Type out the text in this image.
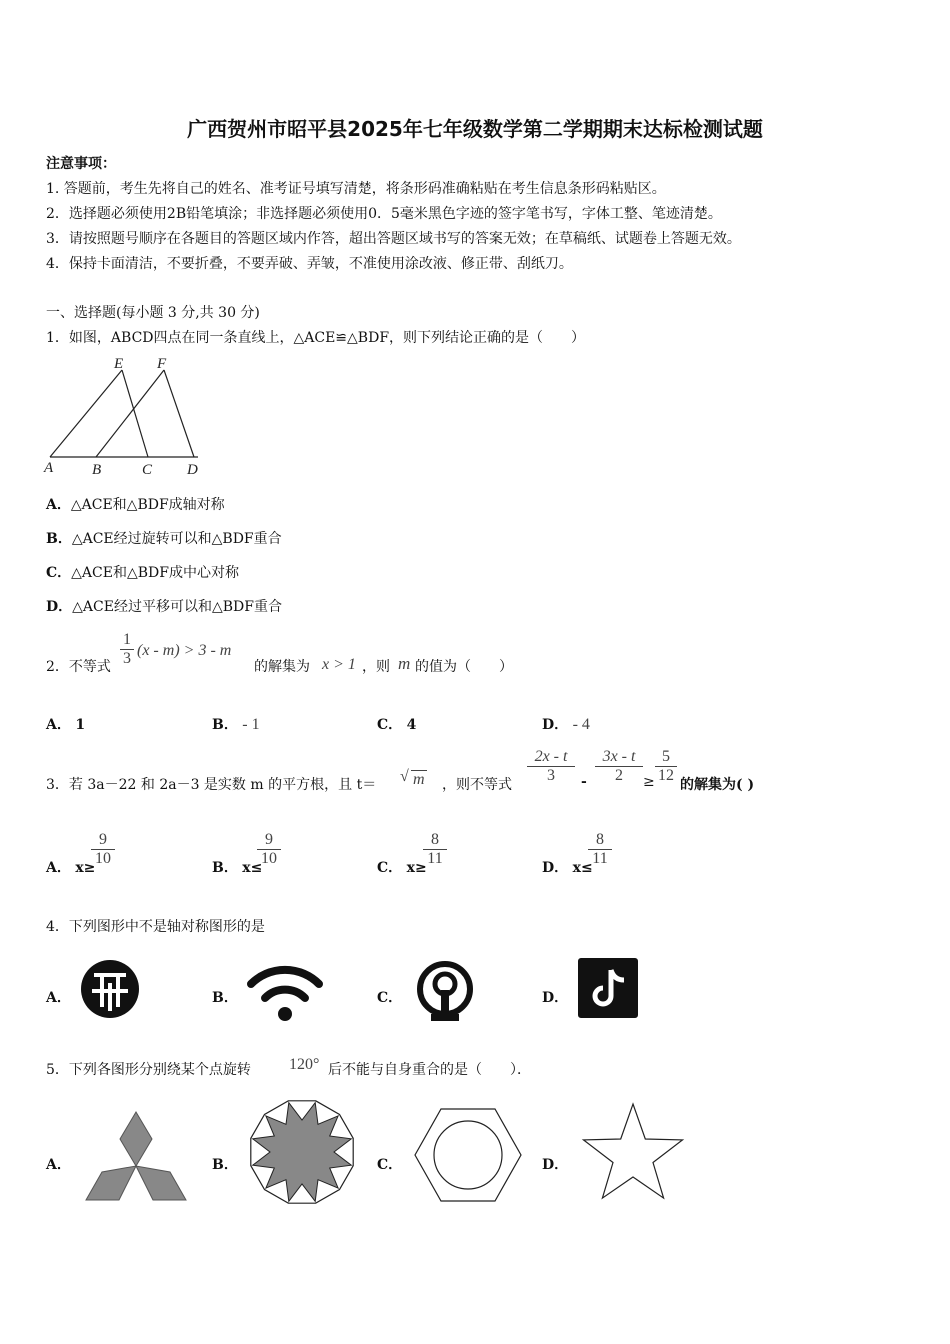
广西贺州市昭平县2025年七年级数学第二学期期末达标检测试题
注意事项：
1. 答题前，考生先将自己的姓名、准考证号填写清楚，将条形码准确粘贴在考生信息条形码粘贴区。
2．选择题必须使用2B铅笔填涂；非选择题必须使用0．5毫米黑色字迹的签字笔书写，字体工整、笔迹清楚。
3．请按照题号顺序在各题目的答题区域内作答，超出答题区域书写的答案无效；在草稿纸、试题卷上答题无效。
4．保持卡面清洁，不要折叠，不要弄破、弄皱，不准使用涂改液、修正带、刮纸刀。
一、选择题(每小题 3 分,共 30 分)
1．如图，ABCD四点在同一条直线上，△ACE≌△BDF，则下列结论正确的是（　　）
A	B	C D
E F
A．△ACE和△BDF成轴对称
B．△ACE经过旋转可以和△BDF重合
C．△ACE和△BDF成中心对称
D．△ACE经过平移可以和△BDF重合
2．不等式 $\frac{1}{3} (x - m) > 3 - m$
的解集为 x > 1 ，则 m 的值为（　　）
A． 1	B． - 1	C． 4	D． - 4
3．若 3a－22 和 2a－3 是实数 m 的平方根，且 t＝ √ m ，则不等式 $\frac{2x - t}{3} - \frac{3x - t}{2} \ge \frac{5}{12}$ 的解集为( )
A． x≥
$\frac{9}{10}$	B． x≤
$\frac{9}{10}$	C． x≥
$\frac{8}{11}$	D． x≤
$\frac{8}{11}$
4．下列图形中不是轴对称图形的是
A．	B．	C．	D．
5．下列各图形分别绕某个点旋转 120° 后不能与自身重合的是（　　）．
A．	B．	C．	D．
